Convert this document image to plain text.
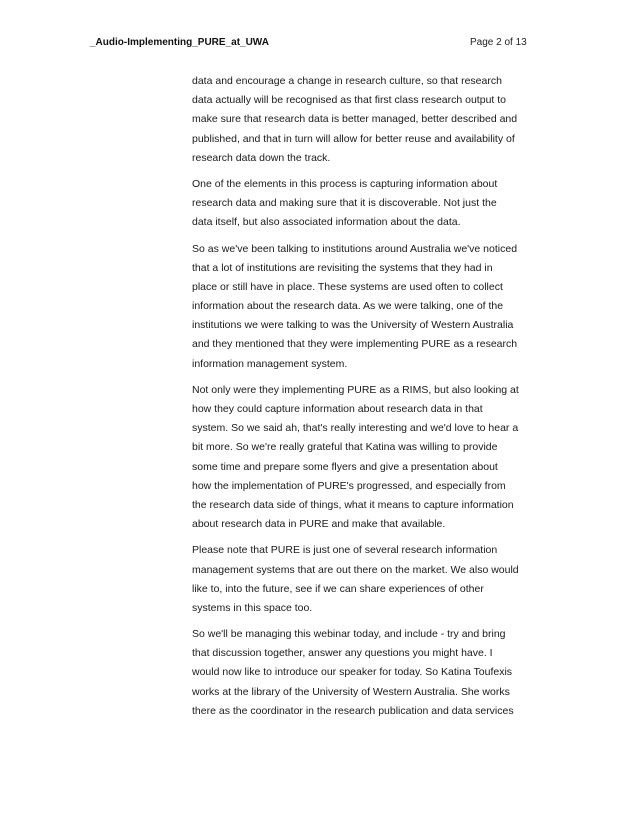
_Audio-Implementing_PURE_at_UWA	Page 2 of 13

data and encourage a change in research culture, so that research
data actually will be recognised as that first class research output to
make sure that research data is better managed, better described and
published, and that in turn will allow for better reuse and availability of
research data down the track.

One of the elements in this process is capturing information about
research data and making sure that it is discoverable. Not just the
data itself, but also associated information about the data.

So as we've been talking to institutions around Australia we've noticed
that a lot of institutions are revisiting the systems that they had in
place or still have in place. These systems are used often to collect
information about the research data. As we were talking, one of the
institutions we were talking to was the University of Western Australia
and they mentioned that they were implementing PURE as a research
information management system.

Not only were they implementing PURE as a RIMS, but also looking at
how they could capture information about research data in that
system. So we said ah, that's really interesting and we'd love to hear a
bit more. So we're really grateful that Katina was willing to provide
some time and prepare some flyers and give a presentation about
how the implementation of PURE's progressed, and especially from
the research data side of things, what it means to capture information
about research data in PURE and make that available.

Please note that PURE is just one of several research information
management systems that are out there on the market. We also would
like to, into the future, see if we can share experiences of other
systems in this space too.

So we'll be managing this webinar today, and include - try and bring
that discussion together, answer any questions you might have. I
would now like to introduce our speaker for today. So Katina Toufexis
works at the library of the University of Western Australia. She works
there as the coordinator in the research publication and data services
